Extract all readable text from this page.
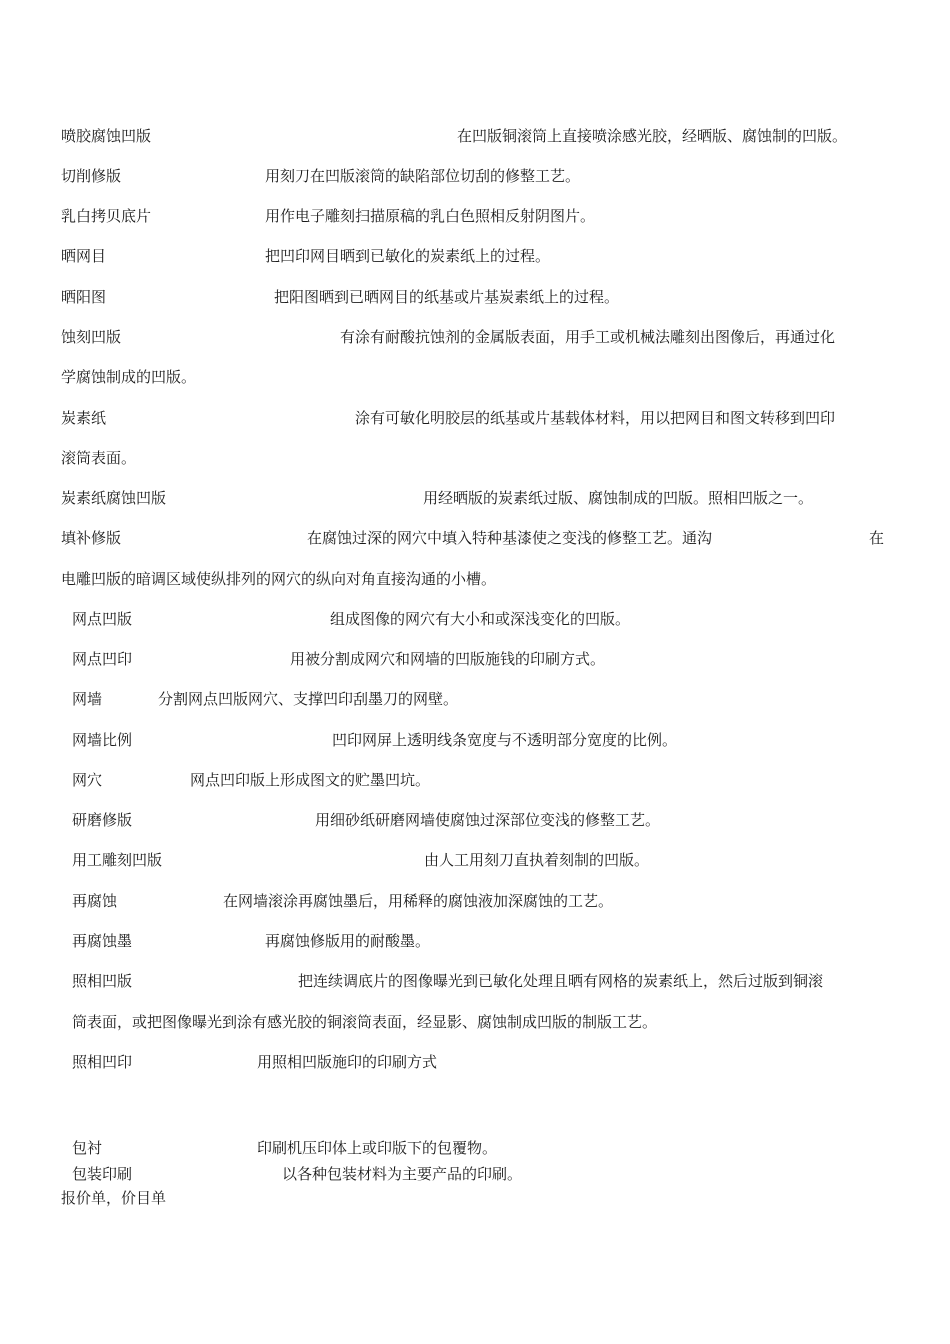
喷胶腐蚀凹版	在凹版铜滚筒上直接喷涂感光胶，经晒版、腐蚀制的凹版。
切削修版	用刻刀在凹版滚筒的缺陷部位切刮的修整工艺。
乳白拷贝底片	用作电子雕刻扫描原稿的乳白色照相反射阴图片。
晒网目	把凹印网目晒到已敏化的炭素纸上的过程。
晒阳图	把阳图晒到已晒网目的纸基或片基炭素纸上的过程。
蚀刻凹版	有涂有耐酸抗蚀剂的金属版表面，用手工或机械法雕刻出图像后，再通过化
学腐蚀制成的凹版。
炭素纸	涂有可敏化明胶层的纸基或片基载体材料，用以把网目和图文转移到凹印
滚筒表面。
炭素纸腐蚀凹版	用经晒版的炭素纸过版、腐蚀制成的凹版。照相凹版之一。
填补修版	在腐蚀过深的网穴中填入特种基漆使之变浅的修整工艺。通沟	在
电雕凹版的暗调区域使纵排列的网穴的纵向对角直接沟通的小槽。
网点凹版	组成图像的网穴有大小和或深浅变化的凹版。
网点凹印	用被分割成网穴和网墙的凹版施钱的印刷方式。
网墙	分割网点凹版网穴、支撑凹印刮墨刀的网壁。
网墙比例	凹印网屏上透明线条宽度与不透明部分宽度的比例。
网穴	网点凹印版上形成图文的贮墨凹坑。
研磨修版	用细砂纸研磨网墙使腐蚀过深部位变浅的修整工艺。
用工雕刻凹版	由人工用刻刀直执着刻制的凹版。
再腐蚀	在网墙滚涂再腐蚀墨后，用稀释的腐蚀液加深腐蚀的工艺。
再腐蚀墨	再腐蚀修版用的耐酸墨。
照相凹版	把连续调底片的图像曝光到已敏化处理且晒有网格的炭素纸上，然后过版到铜滚
筒表面，或把图像曝光到涂有感光胶的铜滚筒表面，经显影、腐蚀制成凹版的制版工艺。
照相凹印	用照相凹版施印的印刷方式
包衬	印刷机压印体上或印版下的包覆物。
包装印刷	以各种包装材料为主要产品的印刷。
报价单，价目单
